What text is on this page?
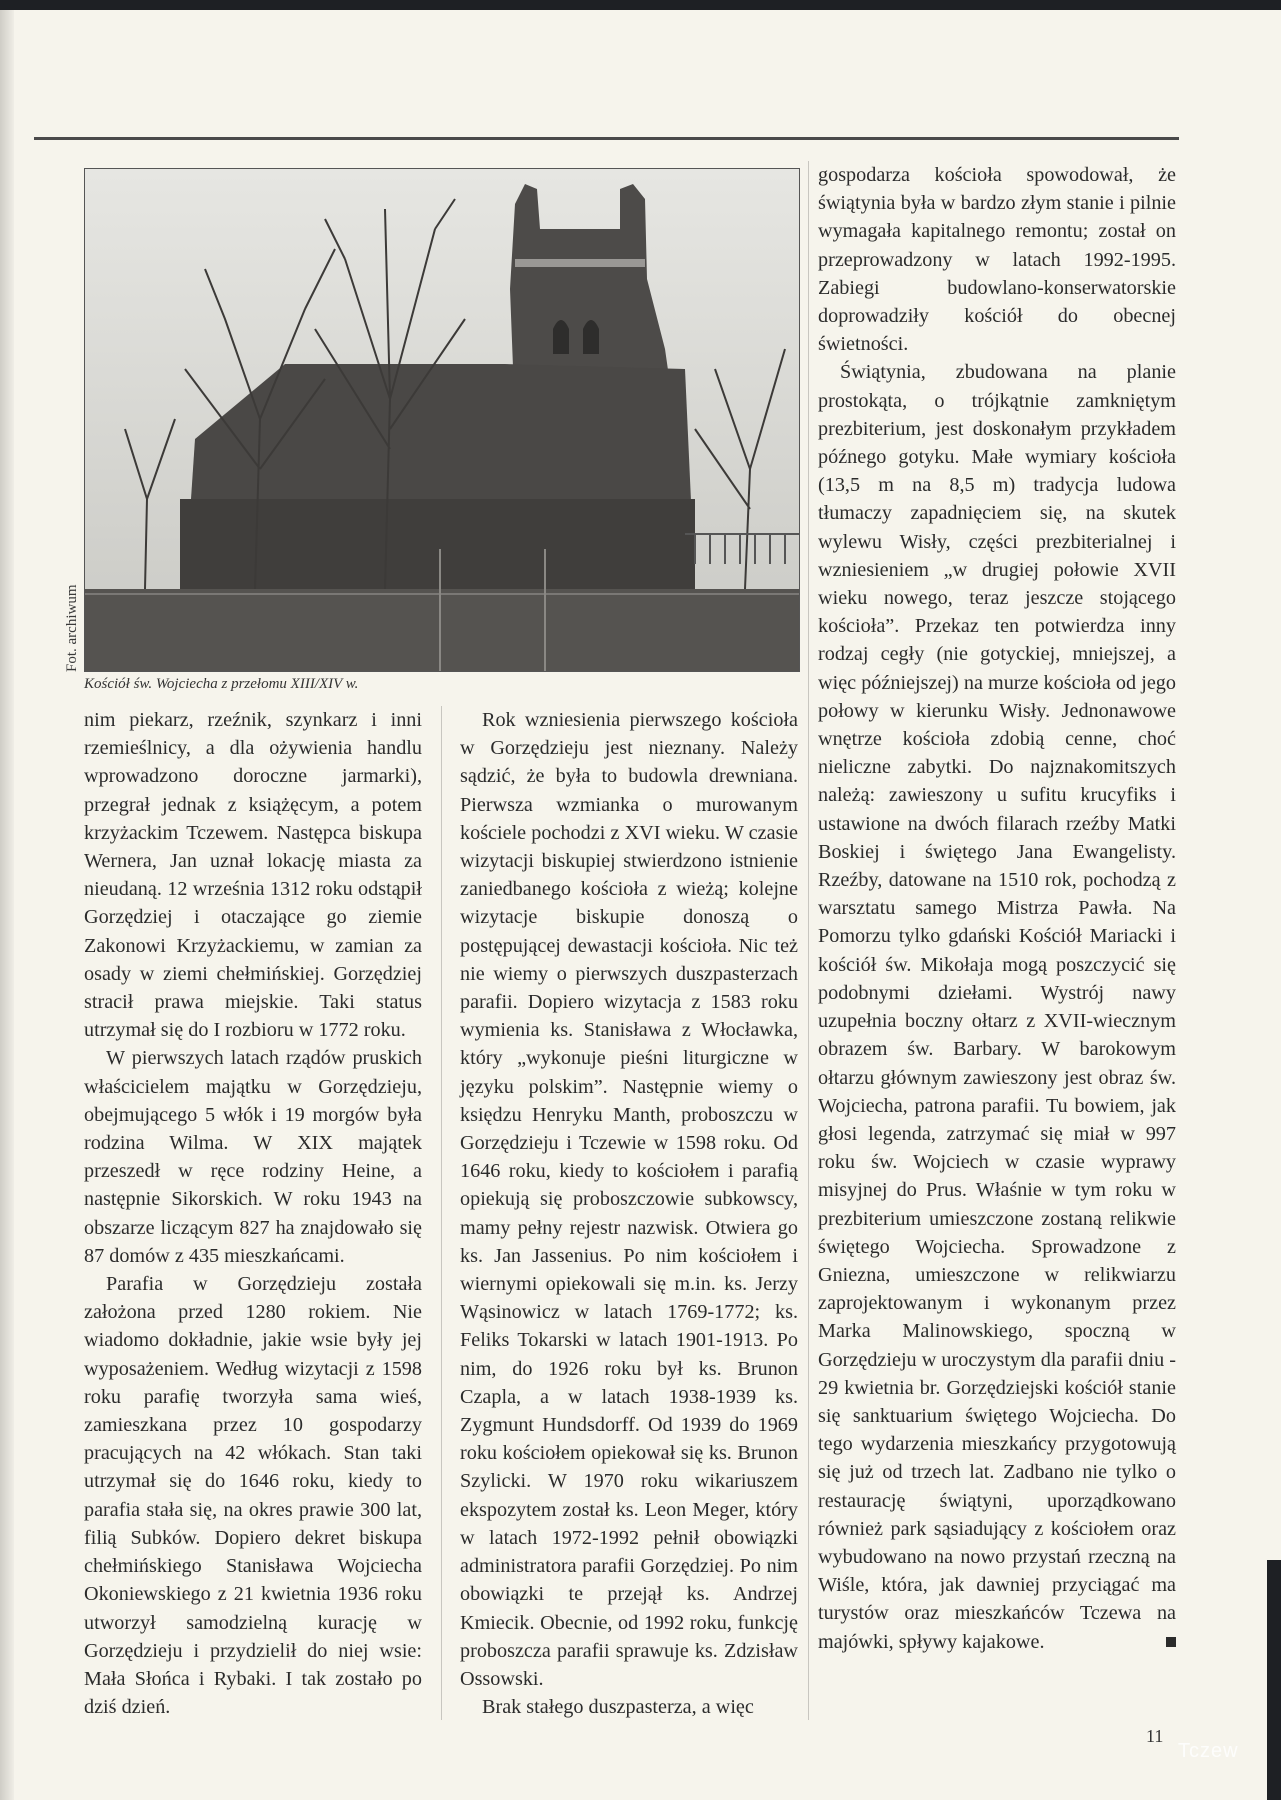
Fot. archiwum
Kościół św. Wojciecha z przełomu XIII/XIV w.

nim piekarz, rzeźnik, szynkarz i inni rzemieślnicy, a dla ożywienia handlu wprowadzono doroczne jarmarki), przegrał jednak z książęcym, a potem krzyżackim Tczewem. Następca biskupa Wernera, Jan uznał lokację miasta za nieudaną. 12 września 1312 roku odstąpił Gorzędziej i otaczające go ziemie Zakonowi Krzyżackiemu, w zamian za osady w ziemi chełmińskiej. Gorzędziej stracił prawa miejskie. Taki status utrzymał się do I rozbioru w 1772 roku.

W pierwszych latach rządów pruskich właścicielem majątku w Gorzędzieju, obejmującego 5 włók i 19 morgów była rodzina Wilma. W XIX majątek przeszedł w ręce rodziny Heine, a następnie Sikorskich. W roku 1943 na obszarze liczącym 827 ha znajdowało się 87 domów z 435 mieszkańcami.

Parafia w Gorzędzieju została założona przed 1280 rokiem. Nie wiadomo dokładnie, jakie wsie były jej wyposażeniem. Według wizytacji z 1598 roku parafię tworzyła sama wieś, zamieszkana przez 10 gospodarzy pracujących na 42 włókach. Stan taki utrzymał się do 1646 roku, kiedy to parafia stała się, na okres prawie 300 lat, filią Subków. Dopiero dekret biskupa chełmińskiego Stanisława Wojciecha Okoniewskiego z 21 kwietnia 1936 roku utworzył samodzielną kurację w Gorzędzieju i przydzielił do niej wsie: Mała Słońca i Rybaki. I tak zostało po dziś dzień.

Rok wzniesienia pierwszego kościoła w Gorzędzieju jest nieznany. Należy sądzić, że była to budowla drewniana. Pierwsza wzmianka o murowanym kościele pochodzi z XVI wieku. W czasie wizytacji biskupiej stwierdzono istnienie zaniedbanego kościoła z wieżą; kolejne wizytacje biskupie donoszą o postępującej dewastacji kościoła. Nic też nie wiemy o pierwszych duszpasterzach parafii. Dopiero wizytacja z 1583 roku wymienia ks. Stanisława z Włocławka, który „wykonuje pieśni liturgiczne w języku polskim”. Następnie wiemy o księdzu Henryku Manth, proboszczu w Gorzędzieju i Tczewie w 1598 roku. Od 1646 roku, kiedy to kościołem i parafią opiekują się proboszczowie subkowscy, mamy pełny rejestr nazwisk. Otwiera go ks. Jan Jassenius. Po nim kościołem i wiernymi opiekowali się m.in. ks. Jerzy Wąsinowicz w latach 1769-1772; ks. Feliks Tokarski w latach 1901-1913. Po nim, do 1926 roku był ks. Brunon Czapla, a w latach 1938-1939 ks. Zygmunt Hundsdorff. Od 1939 do 1969 roku kościołem opiekował się ks. Brunon Szylicki. W 1970 roku wikariuszem ekspozytem został ks. Leon Meger, który w latach 1972-1992 pełnił obowiązki administratora parafii Gorzędziej. Po nim obowiązki te przejął ks. Andrzej Kmiecik. Obecnie, od 1992 roku, funkcję proboszcza parafii sprawuje ks. Zdzisław Ossowski.

Brak stałego duszpasterza, a więc

gospodarza kościoła spowodował, że świątynia była w bardzo złym stanie i pilnie wymagała kapitalnego remontu; został on przeprowadzony w latach 1992-1995. Zabiegi budowlano-konserwatorskie doprowadziły kościół do obecnej świetności.

Świątynia, zbudowana na planie prostokąta, o trójkątnie zamkniętym prezbiterium, jest doskonałym przykładem późnego gotyku. Małe wymiary kościoła (13,5 m na 8,5 m) tradycja ludowa tłumaczy zapadnięciem się, na skutek wylewu Wisły, części prezbiterialnej i wzniesieniem „w drugiej połowie XVII wieku nowego, teraz jeszcze stojącego kościoła”. Przekaz ten potwierdza inny rodzaj cegły (nie gotyckiej, mniejszej, a więc późniejszej) na murze kościoła od jego połowy w kierunku Wisły. Jednonawowe wnętrze kościoła zdobią cenne, choć nieliczne zabytki. Do najznakomitszych należą: zawieszony u sufitu krucyfiks i ustawione na dwóch filarach rzeźby Matki Boskiej i świętego Jana Ewangelisty. Rzeźby, datowane na 1510 rok, pochodzą z warsztatu samego Mistrza Pawła. Na Pomorzu tylko gdański Kościół Mariacki i kościół św. Mikołaja mogą poszczycić się podobnymi dziełami. Wystrój nawy uzupełnia boczny ołtarz z XVII-wiecznym obrazem św. Barbary. W barokowym ołtarzu głównym zawieszony jest obraz św. Wojciecha, patrona parafii. Tu bowiem, jak głosi legenda, zatrzymać się miał w 997 roku św. Wojciech w czasie wyprawy misyjnej do Prus. Właśnie w tym roku w prezbiterium umieszczone zostaną relikwie świętego Wojciecha. Sprowadzone z Gniezna, umieszczone w relikwiarzu zaprojektowanym i wykonanym przez Marka Malinowskiego, spoczną w Gorzędzieju w uroczystym dla parafii dniu - 29 kwietnia br. Gorzędziejski kościół stanie się sanktuarium świętego Wojciecha. Do tego wydarzenia mieszkańcy przygotowują się już od trzech lat. Zadbano nie tylko o restaurację świątyni, uporządkowano również park sąsiadujący z kościołem oraz wybudowano na nowo przystań rzeczną na Wiśle, która, jak dawniej przyciągać ma turystów oraz mieszkańców Tczewa na majówki, spływy kajakowe.

11
Tczew
